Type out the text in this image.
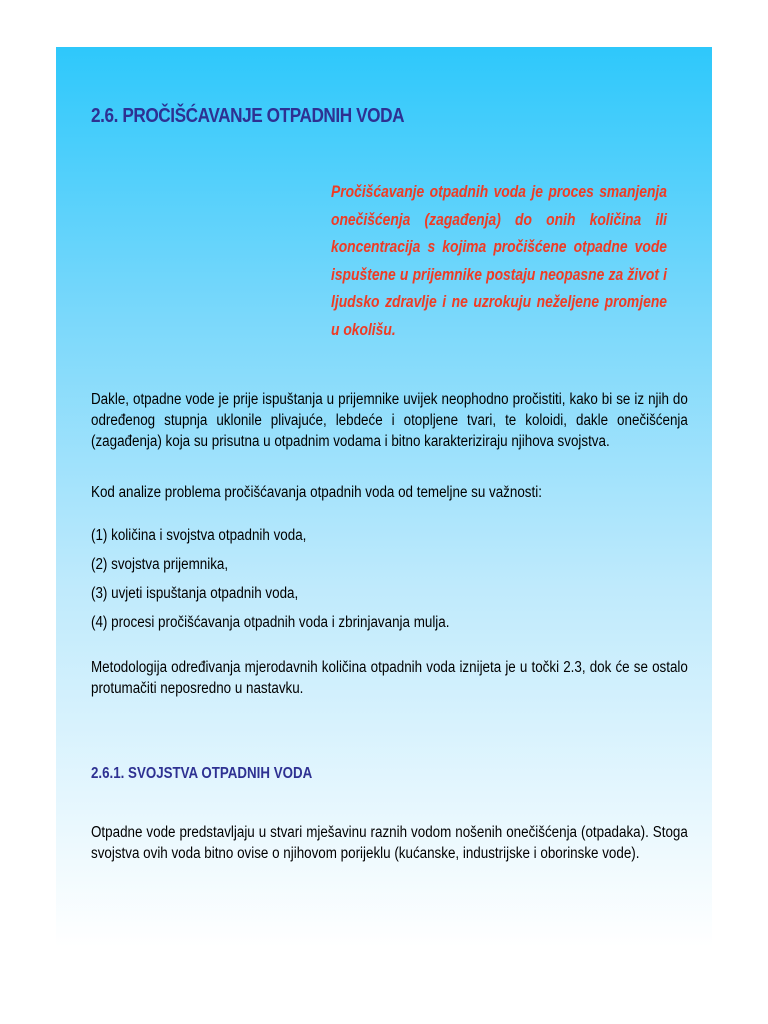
2.6. PROČIŠĆAVANJE OTPADNIH VODA
Pročišćavanje otpadnih voda je proces smanjenja onečišćenja (zagađenja) do onih količina ili koncentracija s kojima pročišćene otpadne vode ispuštene u prijemnike postaju neopasne za život i ljudsko zdravlje i ne uzrokuju neželjene promjene u okolišu.
Dakle, otpadne vode je prije ispuštanja u prijemnike uvijek neophodno pročistiti, kako bi se iz njih do određenog stupnja uklonile plivajuće, lebdeće i otopljene tvari, te koloidi, dakle onečišćenja (zagađenja) koja su prisutna u otpadnim vodama i bitno karakteriziraju njihova svojstva.
Kod analize problema pročišćavanja otpadnih voda od temeljne su važnosti:
(1) količina i svojstva otpadnih voda,
(2) svojstva prijemnika,
(3) uvjeti ispuštanja otpadnih voda,
(4) procesi pročišćavanja otpadnih voda i zbrinjavanja mulja.
Metodologija određivanja mjerodavnih količina otpadnih voda iznijeta je u točki 2.3, dok će se ostalo protumačiti neposredno u nastavku.
2.6.1. SVOJSTVA OTPADNIH VODA
Otpadne vode predstavljaju u stvari mješavinu raznih vodom nošenih onečišćenja (otpadaka). Stoga svojstva ovih voda bitno ovise o njihovom porijeklu (kućanske, industrijske i oborinske vode).
